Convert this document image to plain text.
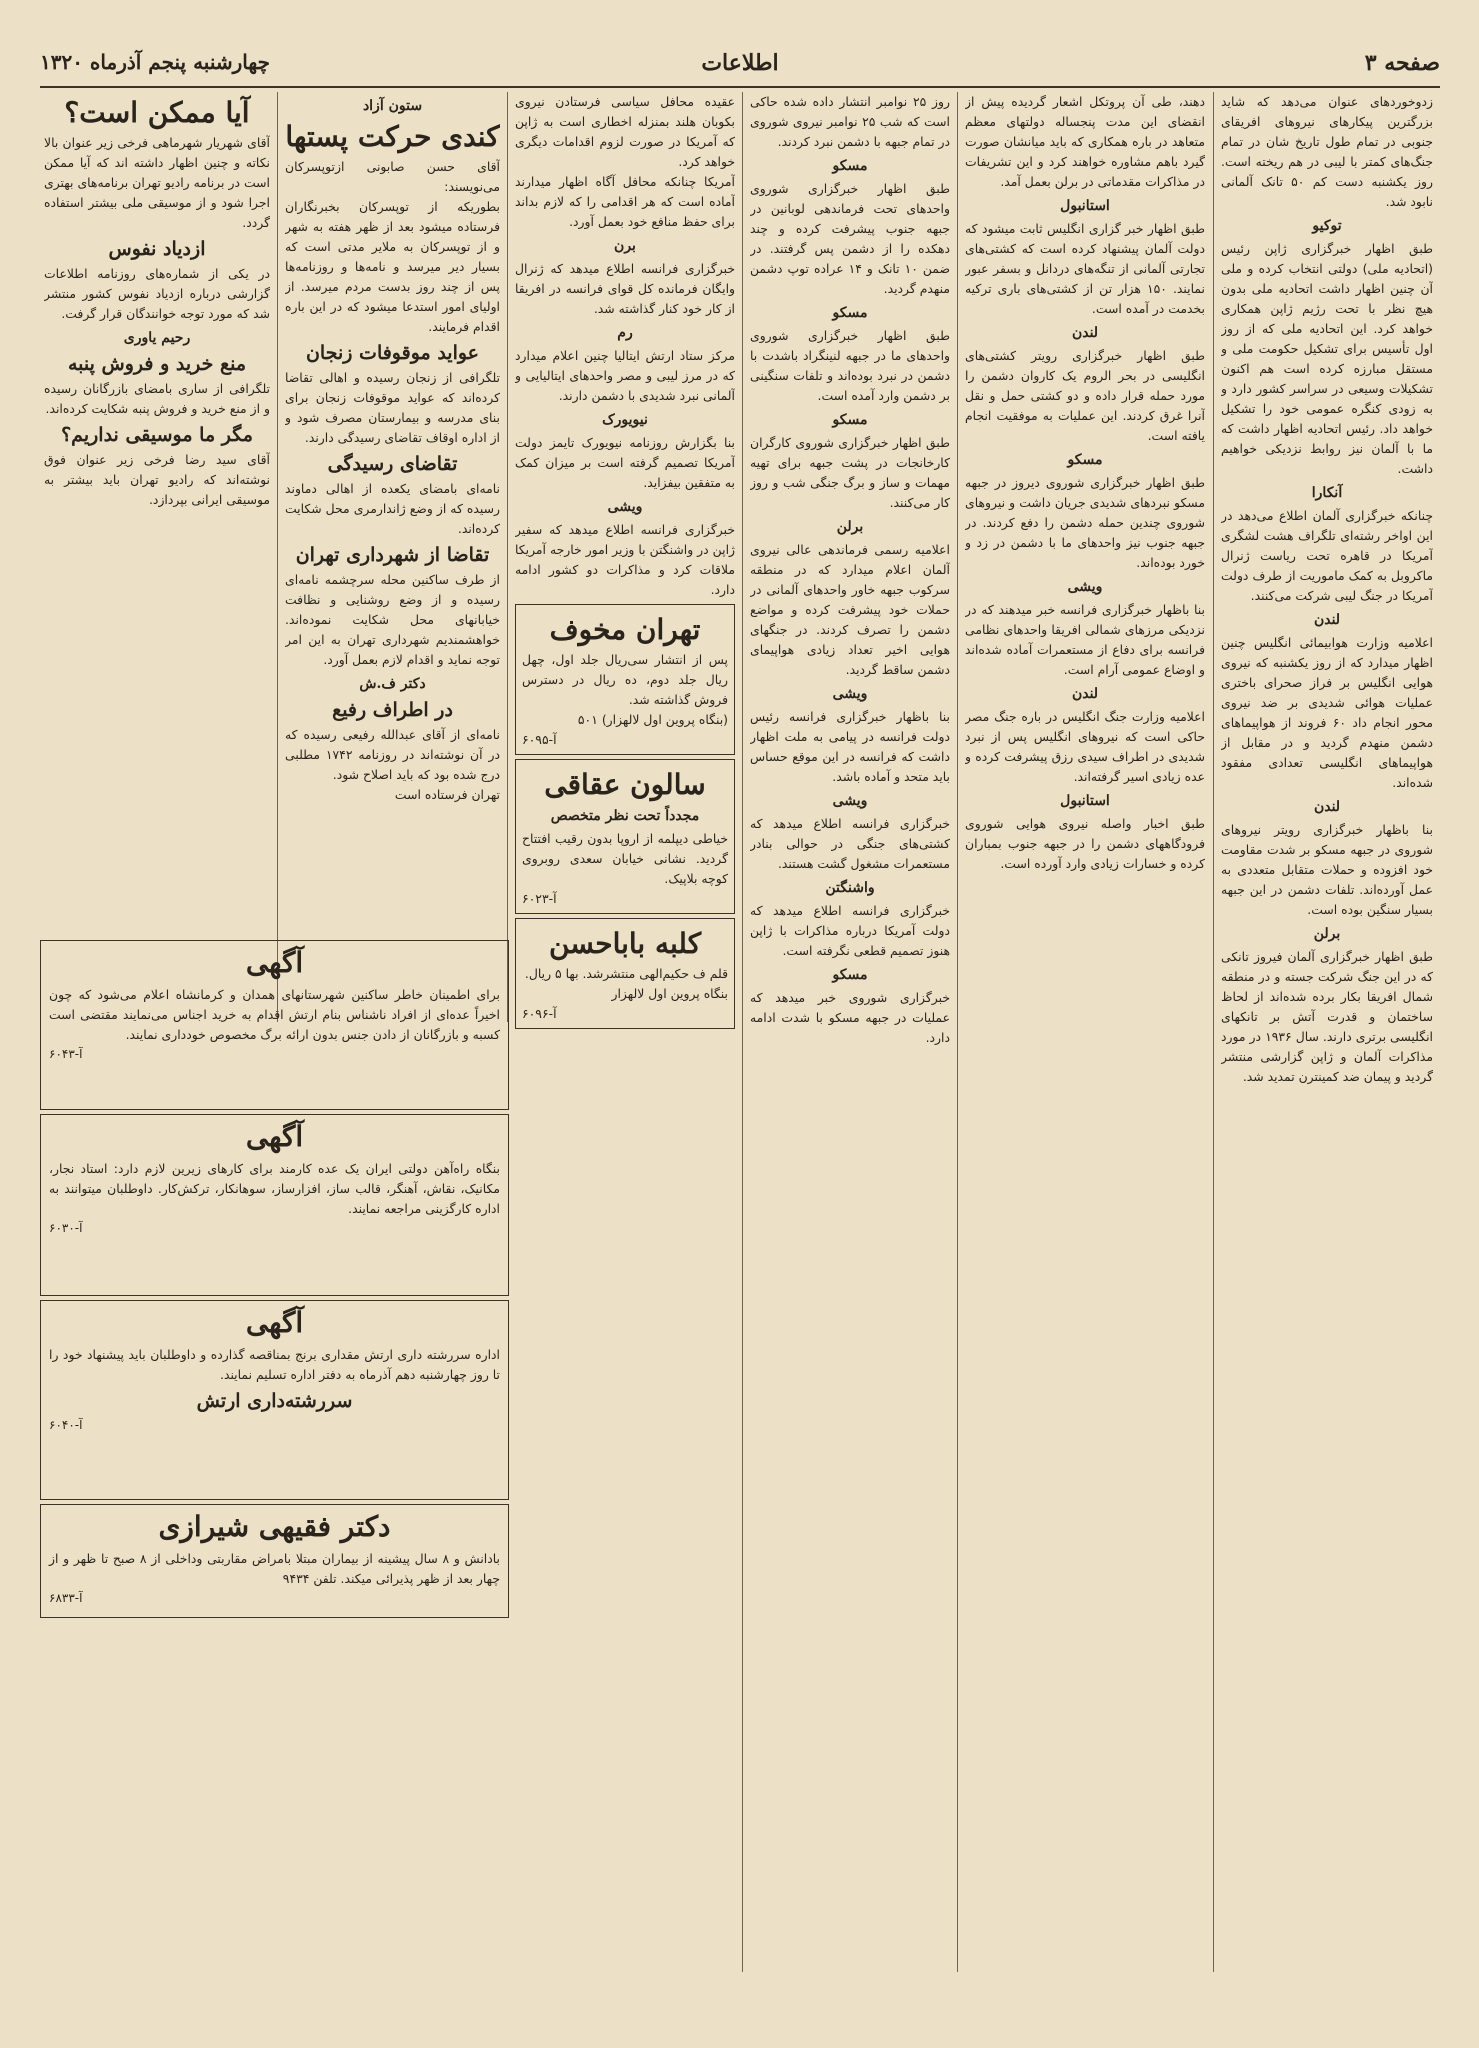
چهارشنبه پنجم آذرماه ۱۳۲۰	اطلاعات	صفحه ۳

زدوخوردهای عنوان می‌دهد که شاید بزرگترین پیکارهای نیروهای افریقای جنوبی در تمام طول تاریخ‌ شان در تمام جنگ‌های کمتر با لیبی در هم ریخته است. روز یکشنبه دست کم ۵۰ تانک آلمانی نابود شد.

توکیو

طبق اظهار خبرگزاری ژاپن رئیس (اتحادیه ملی) دولتی انتخاب کرده و ملی آن چنین اظهار داشت اتحادیه ملی بدون هیچ نظر با تحت رژیم ژاپن همکاری خواهد کرد. این اتحادیه ملی که از روز اول تأسیس برای تشکیل حکومت ملی و مستقل مبارزه کرده است هم اکنون تشکیلات وسیعی در سراسر کشور دارد و به زودی کنگره عمومی خود را تشکیل خواهد داد. رئیس اتحادیه اظهار داشت که ما با آلمان نیز روابط نزدیکی خواهیم داشت.

آنکارا

چنانکه خبرگزاری آلمان اطلاع می‌دهد در این اواخر رشته‌ای تلگراف هشت لشگری آمریکا در قاهره تحت ریاست ژنرال ماکروبل به کمک ماموریت از طرف دولت آمریکا در جنگ لیبی شرکت می‌کنند.

لندن

اعلامیه وزارت هوابیمائی انگلیس چنین اظهار میدارد که از روز یکشنبه که نیروی هوایی انگلیس بر فراز صحرای باختری عملیات هوائی شدیدی بر ضد نیروی محور انجام داد ۶۰ فروند از هواپیماهای دشمن منهدم گردید و در مقابل از هواپیماهای انگلیسی تعدادی مفقود شده‌اند.

لندن

بنا باظهار خبرگزاری رویتر نیروهای شوروی در جبهه مسکو بر شدت مقاومت خود افزوده و حملات متقابل متعددی به عمل آورده‌اند. تلفات دشمن در این جبهه بسیار سنگین بوده است.

برلن

طبق اظهار خبرگزاری آلمان فیروز تانکی که در این جنگ شرکت جسته و در منطقه شمال افریقا بکار برده شده‌اند از لحاظ ساختمان و قدرت آتش بر تانکهای انگلیسی برتری دارند. سال ۱۹۳۶ در مورد مذاکرات آلمان و ژاپن گزارشی منتشر گردید و پیمان ضد کمینترن تمدید شد.

دهند، طی آن پروتکل اشعار گردیده پیش از انقضای این مدت پنجساله دولتهای معظم متعاهد در باره همکاری که باید میانشان صورت گیرد باهم مشاوره خواهند کرد و این تشریفات در مذاکرات مقدماتی در برلن بعمل آمد.

استانبول

طبق اظهار خبر گزاری انگلیس ثابت میشود که دولت آلمان پیشنهاد کرده است که کشتی‌های تجارتی آلمانی از تنگه‌های دردانل و بسفر عبور نمایند. ۱۵۰ هزار تن از کشتی‌های باری ترکیه بخدمت در آمده است.

لندن

طبق اظهار خبرگزاری رویتر کشتی‌های انگلیسی در بحر الروم یک کاروان دشمن را مورد حمله قرار داده و دو کشتی حمل و نقل آنرا غرق کردند. این عملیات به موفقیت انجام یافته است.

مسکو

طبق اظهار خبرگزاری شوروی دیروز در جبهه مسکو نبردهای شدیدی جریان داشت و نیروهای شوروی چندین حمله دشمن را دفع کردند. در جبهه جنوب نیز واحدهای ما با دشمن در زد و خورد بوده‌اند.

ویشی

بنا باظهار خبرگزاری فرانسه خبر میدهند که در نزدیکی مرزهای شمالی افریقا واحدهای نظامی فرانسه برای دفاع از مستعمرات آماده شده‌اند و اوضاع عمومی آرام است.

لندن

اعلامیه وزارت جنگ انگلیس در باره جنگ مصر حاکی است که نیروهای انگلیس پس از نبرد شدیدی در اطراف سیدی رزق پیشرفت کرده و عده زیادی اسیر گرفته‌اند.

استانبول

طبق اخبار واصله نیروی هوایی شوروی فرودگاههای دشمن را در جبهه جنوب بمباران کرده و خسارات زیادی وارد آورده است.

روز ۲۵ نوامبر انتشار داده شده حاکی است که شب ۲۵ نوامبر نیروی شوروی در تمام جبهه با دشمن نبرد کردند.

مسکو

طبق اظهار خبرگزاری شوروی واحدهای تحت فرماندهی لوبانین در جبهه جنوب پیشرفت کرده و چند دهکده را از دشمن پس گرفتند. در ضمن ۱۰ تانک و ۱۴ عراده توپ دشمن منهدم گردید.

مسکو

طبق اظهار خبرگزاری شوروی واحدهای ما در جبهه لنینگراد باشدت با دشمن در نبرد بوده‌اند و تلفات سنگینی بر دشمن وارد آمده است.

مسکو

طبق اظهار خبرگزاری شوروی کارگران کارخانجات در پشت جبهه برای تهیه مهمات و ساز و برگ جنگی شب و روز کار می‌کنند.

برلن

اعلامیه رسمی فرماندهی عالی نیروی آلمان اعلام میدارد که در منطقه سرکوب جبهه خاور واحدهای آلمانی در حملات خود پیشرفت کرده و مواضع دشمن را تصرف کردند. در جنگهای هوایی اخیر تعداد زیادی هواپیمای دشمن ساقط گردید.

ویشی

بنا باظهار خبرگزاری فرانسه رئیس دولت فرانسه در پیامی به ملت اظهار داشت که فرانسه در این موقع حساس باید متحد و آماده باشد.

ویشی

خبرگزاری فرانسه اطلاع میدهد که کشتی‌های جنگی در حوالی بنادر مستعمرات مشغول گشت هستند.

واشنگتن

خبرگزاری فرانسه اطلاع میدهد که دولت آمریکا درباره مذاکرات با ژاپن هنوز تصمیم قطعی نگرفته است.

مسکو

خبرگزاری شوروی خبر میدهد که عملیات در جبهه مسکو با شدت ادامه دارد.

عقیده محافل سیاسی فرستادن نیروی بکوبان هلند بمنزله اخطاری است به ژاپن که آمریکا در صورت لزوم اقدامات دیگری خواهد کرد.

آمریکا چنانکه محافل آگاه اظهار میدارند آماده است که هر اقدامی را که لازم بداند برای حفظ منافع خود بعمل آورد.

برن

خبرگزاری فرانسه اطلاع میدهد که ژنرال وایگان فرمانده کل قوای فرانسه در افریقا از کار خود کنار گذاشته شد.

رم

مرکز ستاد ارتش ایتالیا چنین اعلام میدارد که در مرز لیبی و مصر واحدهای ایتالیایی و آلمانی نبرد شدیدی با دشمن دارند.

نیویورک

بنا بگزارش روزنامه نیویورک تایمز دولت آمریکا تصمیم گرفته است بر میزان کمک به متفقین بیفزاید.

ویشی

خبرگزاری فرانسه اطلاع میدهد که سفیر ژاپن در واشنگتن با وزیر امور خارجه آمریکا ملاقات کرد و مذاکرات دو کشور ادامه دارد.

تهران مخوف

پس از انتشار سی‌ریال جلد اول، چهل ریال جلد دوم، ده ریال در دسترس فروش گذاشته شد.

(بنگاه پروین اول لالهزار) ۵۰۱

آ-۶۰۹۵

سالون عقاقی
مجدداً تحت نظر متخصص

خیاطی دیپلمه از اروپا بدون رقیب افتتاح گردید. نشانی خیابان سعدی روبروی کوچه بلاپیک.

آ-۶۰۲۳

کلبه باباحسن

قلم ف حکیم‌الهی منتشرشد. بها ۵ ریال.

بنگاه پروین اول لالهزار

آ-۶۰۹۶

ستون آزاد
کندی حرکت پستها

آقای حسن صابونی ازتوپسرکان می‌نویسند:

بطوریکه از توپسرکان بخبرنگاران فرستاده میشود بعد از ظهر هفته به شهر و از توپسرکان به ملایر مدتی است که بسیار دیر میرسد و نامه‌ها و روزنامه‌ها پس از چند روز بدست مردم میرسد. از اولیای امور استدعا میشود که در این باره اقدام فرمایند.

عواید موقوفات زنجان

تلگرافی از زنجان رسیده و اهالی تقاضا کرده‌اند که عواید موقوفات زنجان برای بنای مدرسه و بیمارستان مصرف شود و از اداره اوقاف تقاضای رسیدگی دارند.

تقاضای رسیدگی

نامه‌ای بامضای یکعده از اهالی دماوند رسیده که از وضع ژاندارمری محل شکایت کرده‌اند.

تقاضا از شهرداری تهران

از طرف ساکنین محله سرچشمه نامه‌ای رسیده و از وضع روشنایی و نظافت خیابانهای محل شکایت نموده‌اند. خواهشمندیم شهرداری تهران به این امر توجه نماید و اقدام لازم بعمل آورد.

دکتر ف.ش
در اطراف رفیع

نامه‌ای از آقای عبدالله رفیعی رسیده که در آن نوشته‌اند در روزنامه ۱۷۴۲ مطلبی درج شده بود که باید اصلاح شود.

تهران فرستاده است

آیا ممکن است؟

آقای شهریار شهرماهی فرخی زیر عنوان بالا نکاته و چنین اظهار داشته اند که آیا ممکن است در برنامه رادیو تهران برنامه‌های بهتری اجرا شود و از موسیقی ملی بیشتر استفاده گردد.

ازدیاد نفوس

در یکی از شماره‌های روزنامه اطلاعات گزارشی درباره ازدیاد نفوس کشور منتشر شد که مورد توجه خوانندگان قرار گرفت.

رحیم یاوری
منع خرید و فروش پنبه

تلگرافی از ساری بامضای بازرگانان رسیده و از منع خرید و فروش پنبه شکایت کرده‌اند.

مگر ما موسیقی نداریم؟

آقای سید رضا فرخی زیر عنوان فوق نوشته‌اند که رادیو تهران باید بیشتر به موسیقی ایرانی بپردازد.

آگهی
برای اطمینان خاطر ساکنین شهرستانهای همدان و کرمانشاه اعلام می‌شود که چون اخیراً عده‌ای از افراد ناشناس بنام ارتش اقدام به خرید اجناس می‌نمایند مقتضی است کسبه و بازرگانان از دادن جنس بدون ارائه برگ مخصوص خودداری نمایند.
آ-۶۰۴۳
آگهی
بنگاه راه‌آهن دولتی ایران یک عده کارمند برای کارهای زیرین لازم دارد: استاد نجار، مکانیک، نقاش، آهنگر، قالب ساز، افزارساز، سوهانکار، ترکش‌کار. داوطلبان میتوانند به اداره کارگزینی مراجعه نمایند.
آ-۶۰۳۰
آگهی
اداره سررشته داری ارتش مقداری برنج بمناقصه گذارده و داوطلبان باید پیشنهاد خود را تا روز چهارشنبه دهم آذرماه به دفتر اداره تسلیم نمایند.
سررشته‌داری ارتش
آ-۶۰۴۰
دکتر فقیهی شیرازی
بادانش و ۸ سال پیشینه از بیماران مبتلا بامراض مقاربتی وداخلی از ۸ صبح تا ظهر و از چهار بعد از ظهر پذیرائی میکند. تلفن ۹۴۳۴
آ-۶۸۳۳
